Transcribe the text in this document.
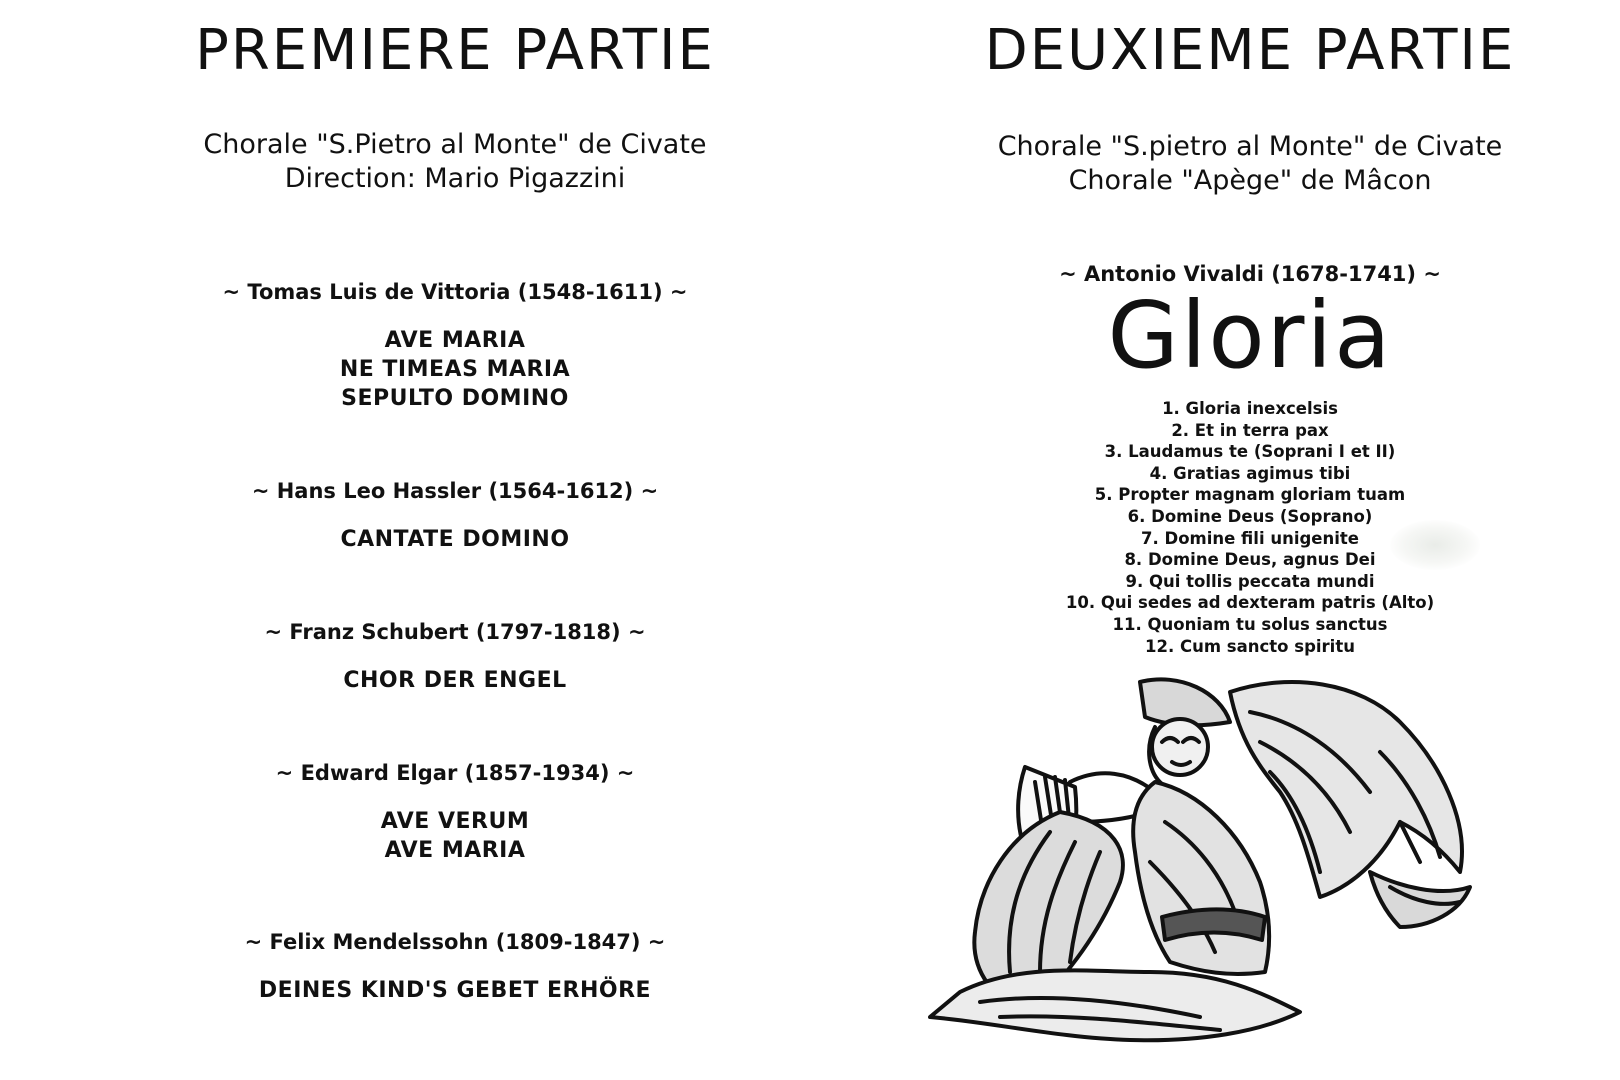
PREMIERE PARTIE
Chorale "S.Pietro al Monte" de Civate
Direction: Mario Pigazzini
~ Tomas Luis de Vittoria (1548-1611) ~
AVE MARIA
NE TIMEAS MARIA
SEPULTO DOMINO
~ Hans Leo Hassler (1564-1612) ~
CANTATE DOMINO
~ Franz Schubert (1797-1818) ~
CHOR DER ENGEL
~ Edward Elgar (1857-1934) ~
AVE VERUM
AVE MARIA
~ Felix Mendelssohn (1809-1847) ~
DEINES KIND'S GEBET ERHÖRE
DEUXIEME PARTIE
Chorale "S.pietro al Monte" de Civate
Chorale "Apège" de Mâcon
~ Antonio Vivaldi (1678-1741) ~
Gloria
1. Gloria inexcelsis
2. Et in terra pax
3. Laudamus te (Soprani I et II)
4. Gratias agimus tibi
5. Propter magnam gloriam tuam
6. Domine Deus (Soprano)
7. Domine fili unigenite
8. Domine Deus, agnus Dei
9. Qui tollis peccata mundi
10. Qui sedes ad dexteram patris (Alto)
11. Quoniam tu solus sanctus
12. Cum sancto spiritu
